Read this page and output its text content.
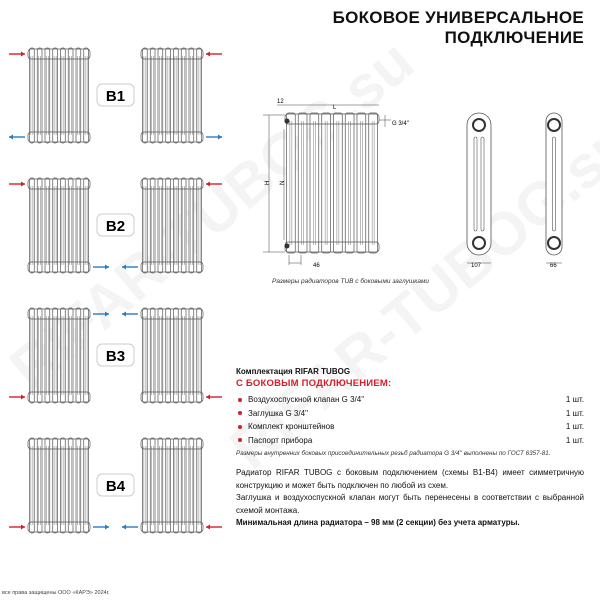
БОКОВОЕ УНИВЕРСАЛЬНОЕ
ПОДКЛЮЧЕНИЕ
B1
B2
B3
B4
12
L
G 3/4''
H N
46	107	66
Размеры радиаторов TUB с боковыми заглушками
Комплектация RIFAR TUBOG
С БОКОВЫМ ПОДКЛЮЧЕНИЕМ:
Воздухоспускной клапан G 3/4''	1 шт.
Заглушка G 3/4''	1 шт.
Комплект кронштейнов	1 шт.
Паспорт прибора	1 шт.
Размеры внутренних боковых присоединительных резьб радиатора G 3/4'' выполнены по ГОСТ 6357-81.

Радиатор RIFAR TUBOG с боковым подключением (схемы B1-B4) имеет симметричную конструкцию и может быть подключен по любой из схем.

Заглушка и воздухоспускной клапан могут быть перенесены в соответствии с выбранной схемой монтажа.

Минимальная длина радиатора – 98 мм (2 секции) без учета арматуры.

все права защищены ООО «КАРЭ» 2024г.
